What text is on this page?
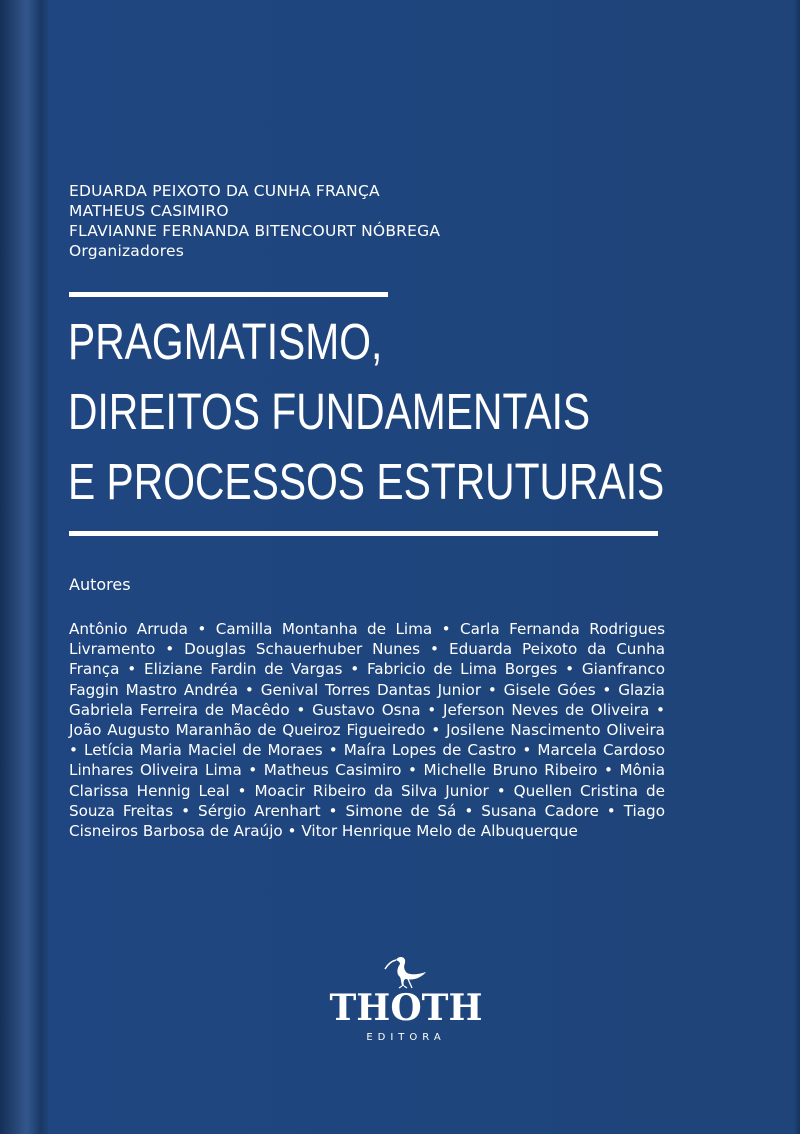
EDUARDA PEIXOTO DA CUNHA FRANÇA
MATHEUS CASIMIRO
FLAVIANNE FERNANDA BITENCOURT NÓBREGA
Organizadores
PRAGMATISMO,
DIREITOS FUNDAMENTAIS
E PROCESSOS ESTRUTURAIS
Autores
Antônio Arruda • Camilla Montanha de Lima • Carla Fernanda Rodrigues Livramento • Douglas Schauerhuber Nunes • Eduarda Peixoto da Cunha França • Eliziane Fardin de Vargas • Fabricio de Lima Borges • Gianfranco Faggin Mastro Andréa • Genival Torres Dantas Junior • Gisele Góes • Glazia Gabriela Ferreira de Macêdo • Gustavo Osna • Jeferson Neves de Oliveira • João Augusto Maranhão de Queiroz Figueiredo • Josilene Nascimento Oliveira • Letícia Maria Maciel de Moraes • Maíra Lopes de Castro • Marcela Cardoso Linhares Oliveira Lima • Matheus Casimiro • Michelle Bruno Ribeiro • Mônia Clarissa Hennig Leal • Moacir Ribeiro da Silva Junior • Quellen Cristina de Souza Freitas • Sérgio Arenhart • Simone de Sá • Susana Cadore • Tiago Cisneiros Barbosa de Araújo • Vitor Henrique Melo de Albuquerque
THOTH
EDITORA
